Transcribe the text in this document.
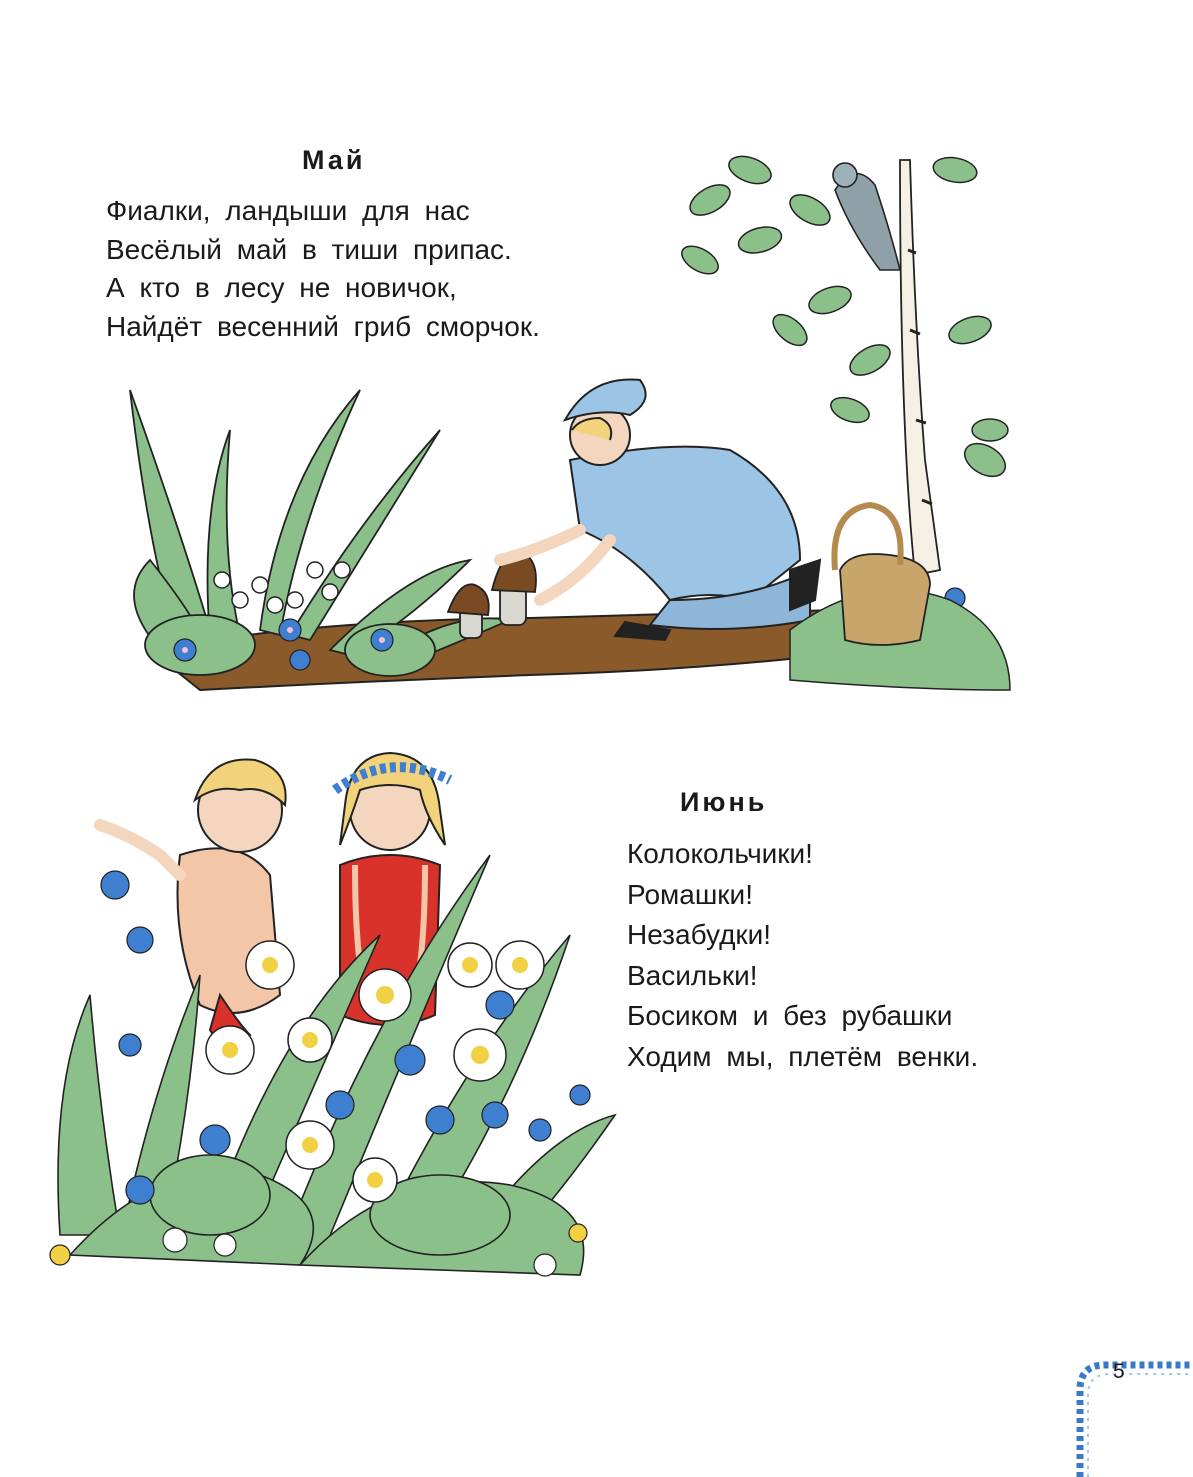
Май
Фиалки, ландыши для нас
Весёлый май в тиши припас.
А кто в лесу не новичок,
Найдёт весенний гриб сморчок.
Июнь
Колокольчики!
Ромашки!
Незабудки!
Васильки!
Босиком и без рубашки
Ходим мы, плетём венки.
5
